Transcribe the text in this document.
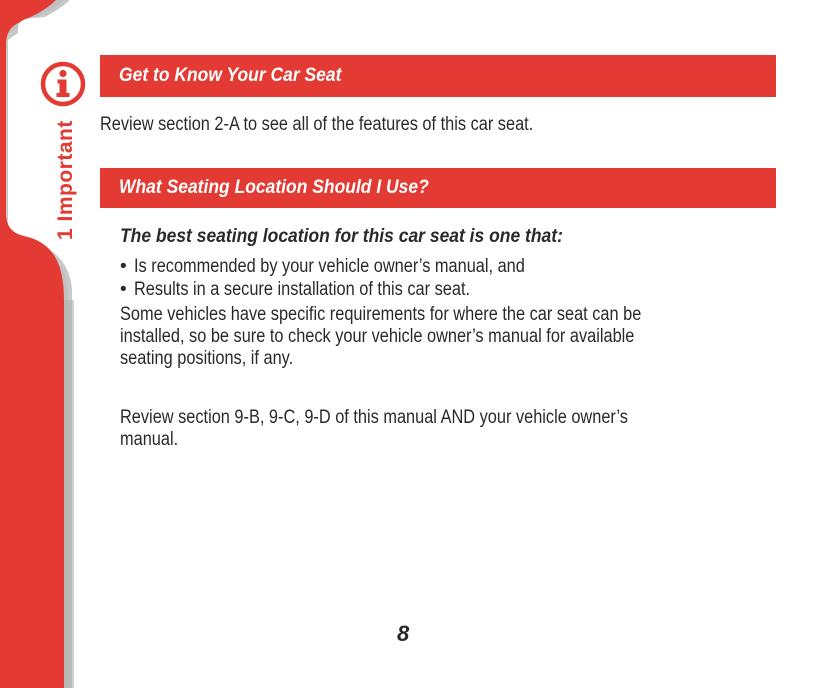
1 Important
Get to Know Your Car Seat
Review section 2-A to see all of the features of this car seat.
What Seating Location Should I Use?
The best seating location for this car seat is one that:
• Is recommended by your vehicle owner’s manual, and
• Results in a secure installation of this car seat.
Some vehicles have specific requirements for where the car seat can be
installed, so be sure to check your vehicle owner’s manual for available
seating positions, if any.
Review section 9-B, 9-C, 9-D of this manual AND your vehicle owner’s
manual.
8
